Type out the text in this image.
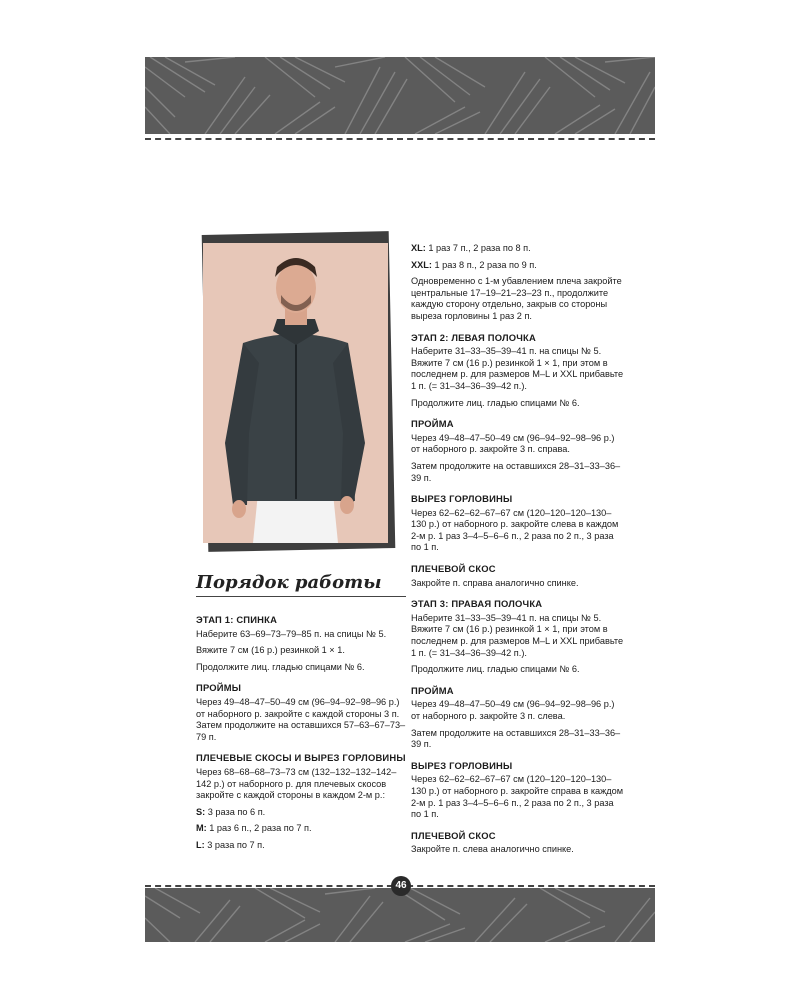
Порядок работы
ЭТАП 1: СПИНКА

Наберите 63–69–73–79–85 п. на спицы № 5.

Вяжите 7 см (16 р.) резинкой 1 × 1.

Продолжите лиц. гладью спицами № 6.

ПРОЙМЫ

Через 49–48–47–50–49 см (96–94–92–98–96 р.) от наборного р. закройте с каждой стороны 3 п. Затем продолжите на оставшихся 57–63–67–73–79 п.

ПЛЕЧЕВЫЕ СКОСЫ И ВЫРЕЗ ГОРЛОВИНЫ

Через 68–68–68–73–73 см (132–132–132–142–142 р.) от наборного р. для плечевых скосов закройте с каждой стороны в каждом 2-м р.:

S: 3 раза по 6 п.

M: 1 раз 6 п., 2 раза по 7 п.

L: 3 раза по 7 п.

XL: 1 раз 7 п., 2 раза по 8 п.

XXL: 1 раз 8 п., 2 раза по 9 п.

Одновременно с 1-м убавлением плеча закройте центральные 17–19–21–23–23 п., продолжите каждую сторону отдельно, закрыв со стороны выреза горловины 1 раз 2 п.

ЭТАП 2: ЛЕВАЯ ПОЛОЧКА

Наберите 31–33–35–39–41 п. на спицы № 5. Вяжите 7 см (16 р.) резинкой 1 × 1, при этом в последнем р. для размеров M–L и XXL прибавьте 1 п. (= 31–34–36–39–42 п.).

Продолжите лиц. гладью спицами № 6.

ПРОЙМА

Через 49–48–47–50–49 см (96–94–92–98–96 р.) от наборного р. закройте 3 п. справа.

Затем продолжите на оставшихся 28–31–33–36–39 п.

ВЫРЕЗ ГОРЛОВИНЫ

Через 62–62–62–67–67 см (120–120–120–130–130 р.) от наборного р. закройте слева в каждом 2-м р. 1 раз 3–4–5–6–6 п., 2 раза по 2 п., 3 раза по 1 п.

ПЛЕЧЕВОЙ СКОС

Закройте п. справа аналогично спинке.

ЭТАП 3: ПРАВАЯ ПОЛОЧКА

Наберите 31–33–35–39–41 п. на спицы № 5. Вяжите 7 см (16 р.) резинкой 1 × 1, при этом в последнем р. для размеров M–L и XXL прибавьте 1 п. (= 31–34–36–39–42 п.).

Продолжите лиц. гладью спицами № 6.

ПРОЙМА

Через 49–48–47–50–49 см (96–94–92–98–96 р.) от наборного р. закройте 3 п. слева.

Затем продолжите на оставшихся 28–31–33–36–39 п.

ВЫРЕЗ ГОРЛОВИНЫ

Через 62–62–62–67–67 см (120–120–120–130–130 р.) от наборного р. закройте справа в каждом 2-м р. 1 раз 3–4–5–6–6 п., 2 раза по 2 п., 3 раза по 1 п.

ПЛЕЧЕВОЙ СКОС

Закройте п. слева аналогично спинке.

46
